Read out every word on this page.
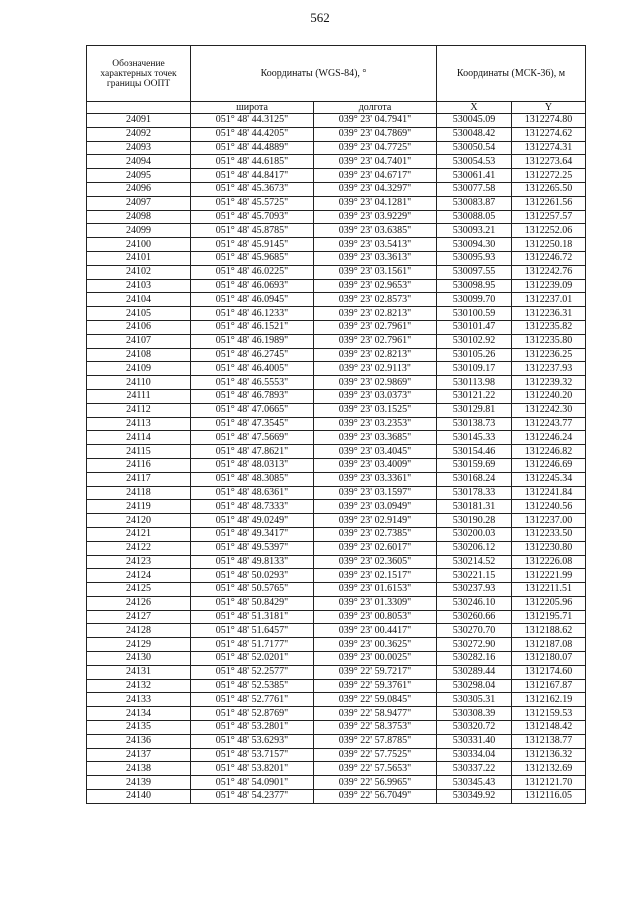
562
Обозначение характерных точек границы ООПТ	Координаты (WGS-84), °		Координаты (МСК-36), м	
	широта	долгота	X	Y
24091	051° 48' 44.3125"	039° 23' 04.7941"	530045.09	1312274.80
24092	051° 48' 44.4205"	039° 23' 04.7869"	530048.42	1312274.62
24093	051° 48' 44.4889"	039° 23' 04.7725"	530050.54	1312274.31
24094	051° 48' 44.6185"	039° 23' 04.7401"	530054.53	1312273.64
24095	051° 48' 44.8417"	039° 23' 04.6717"	530061.41	1312272.25
24096	051° 48' 45.3673"	039° 23' 04.3297"	530077.58	1312265.50
24097	051° 48' 45.5725"	039° 23' 04.1281"	530083.87	1312261.56
24098	051° 48' 45.7093"	039° 23' 03.9229"	530088.05	1312257.57
24099	051° 48' 45.8785"	039° 23' 03.6385"	530093.21	1312252.06
24100	051° 48' 45.9145"	039° 23' 03.5413"	530094.30	1312250.18
24101	051° 48' 45.9685"	039° 23' 03.3613"	530095.93	1312246.72
24102	051° 48' 46.0225"	039° 23' 03.1561"	530097.55	1312242.76
24103	051° 48' 46.0693"	039° 23' 02.9653"	530098.95	1312239.09
24104	051° 48' 46.0945"	039° 23' 02.8573"	530099.70	1312237.01
24105	051° 48' 46.1233"	039° 23' 02.8213"	530100.59	1312236.31
24106	051° 48' 46.1521"	039° 23' 02.7961"	530101.47	1312235.82
24107	051° 48' 46.1989"	039° 23' 02.7961"	530102.92	1312235.80
24108	051° 48' 46.2745"	039° 23' 02.8213"	530105.26	1312236.25
24109	051° 48' 46.4005"	039° 23' 02.9113"	530109.17	1312237.93
24110	051° 48' 46.5553"	039° 23' 02.9869"	530113.98	1312239.32
24111	051° 48' 46.7893"	039° 23' 03.0373"	530121.22	1312240.20
24112	051° 48' 47.0665"	039° 23' 03.1525"	530129.81	1312242.30
24113	051° 48' 47.3545"	039° 23' 03.2353"	530138.73	1312243.77
24114	051° 48' 47.5669"	039° 23' 03.3685"	530145.33	1312246.24
24115	051° 48' 47.8621"	039° 23' 03.4045"	530154.46	1312246.82
24116	051° 48' 48.0313"	039° 23' 03.4009"	530159.69	1312246.69
24117	051° 48' 48.3085"	039° 23' 03.3361"	530168.24	1312245.34
24118	051° 48' 48.6361"	039° 23' 03.1597"	530178.33	1312241.84
24119	051° 48' 48.7333"	039° 23' 03.0949"	530181.31	1312240.56
24120	051° 48' 49.0249"	039° 23' 02.9149"	530190.28	1312237.00
24121	051° 48' 49.3417"	039° 23' 02.7385"	530200.03	1312233.50
24122	051° 48' 49.5397"	039° 23' 02.6017"	530206.12	1312230.80
24123	051° 48' 49.8133"	039° 23' 02.3605"	530214.52	1312226.08
24124	051° 48' 50.0293"	039° 23' 02.1517"	530221.15	1312221.99
24125	051° 48' 50.5765"	039° 23' 01.6153"	530237.93	1312211.51
24126	051° 48' 50.8429"	039° 23' 01.3309"	530246.10	1312205.96
24127	051° 48' 51.3181"	039° 23' 00.8053"	530260.66	1312195.71
24128	051° 48' 51.6457"	039° 23' 00.4417"	530270.70	1312188.62
24129	051° 48' 51.7177"	039° 23' 00.3625"	530272.90	1312187.08
24130	051° 48' 52.0201"	039° 23' 00.0025"	530282.16	1312180.07
24131	051° 48' 52.2577"	039° 22' 59.7217"	530289.44	1312174.60
24132	051° 48' 52.5385"	039° 22' 59.3761"	530298.04	1312167.87
24133	051° 48' 52.7761"	039° 22' 59.0845"	530305.31	1312162.19
24134	051° 48' 52.8769"	039° 22' 58.9477"	530308.39	1312159.53
24135	051° 48' 53.2801"	039° 22' 58.3753"	530320.72	1312148.42
24136	051° 48' 53.6293"	039° 22' 57.8785"	530331.40	1312138.77
24137	051° 48' 53.7157"	039° 22' 57.7525"	530334.04	1312136.32
24138	051° 48' 53.8201"	039° 22' 57.5653"	530337.22	1312132.69
24139	051° 48' 54.0901"	039° 22' 56.9965"	530345.43	1312121.70
24140	051° 48' 54.2377"	039° 22' 56.7049"	530349.92	1312116.05
